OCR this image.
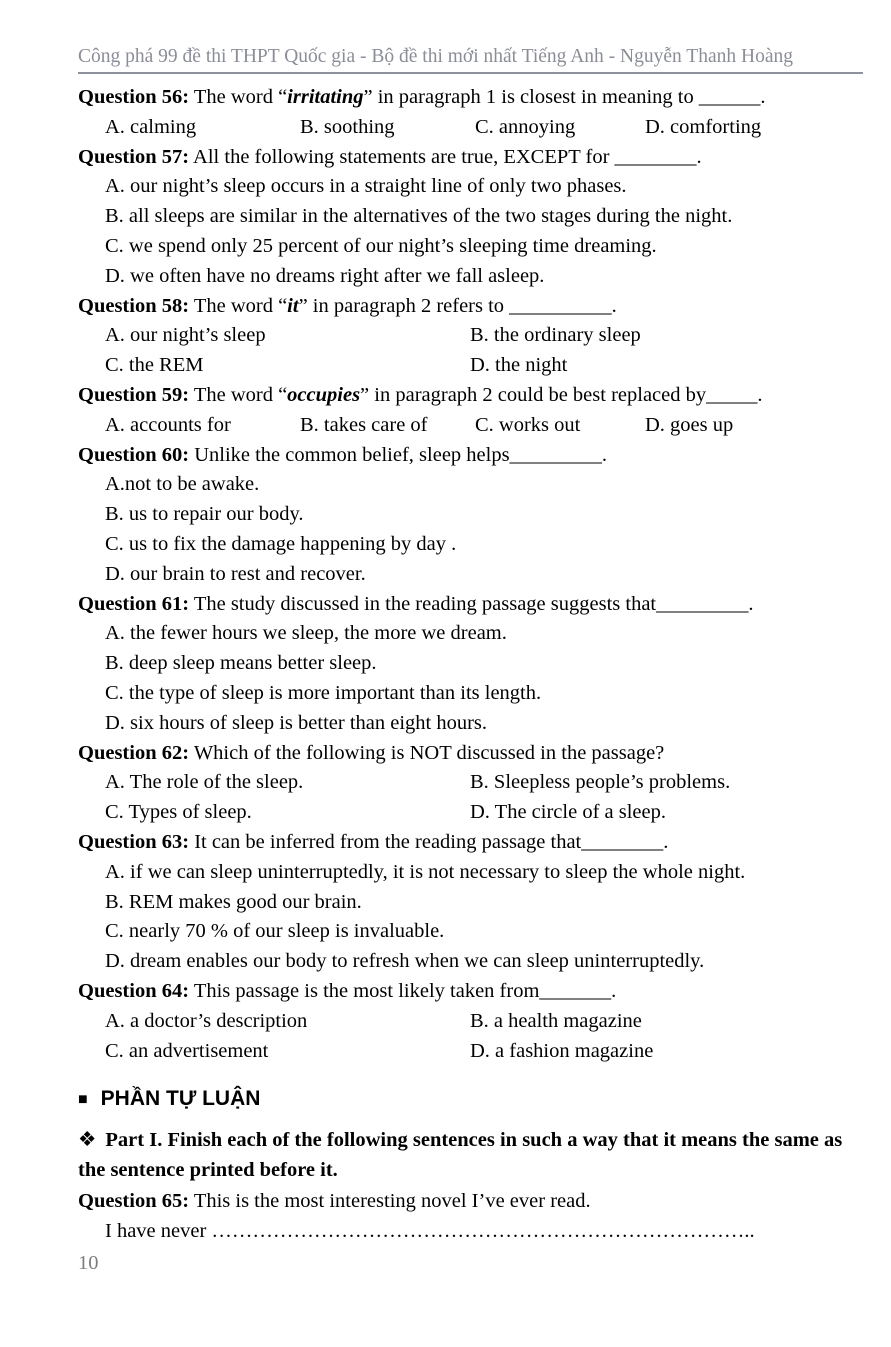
Công phá 99 đề thi THPT Quốc gia - Bộ đề thi mới nhất Tiếng Anh - Nguyễn Thanh Hoàng
Question 56: The word “irritating” in paragraph 1 is closest in meaning to ______.
A. calming	B. soothing	C. annoying	D. comforting
Question 57: All the following statements are true, EXCEPT for ________.
A. our night’s sleep occurs in a straight line of only two phases.
B. all sleeps are similar in the alternatives of the two stages during the night.
C. we spend only 25 percent of our night’s sleeping time dreaming.
D. we often have no dreams right after we fall asleep.
Question 58: The word “it” in paragraph 2 refers to __________.
A. our night’s sleep	B. the ordinary sleep
C. the REM	D. the night
Question 59: The word “occupies” in paragraph 2 could be best replaced by_____.
A. accounts for	B. takes care of C. works out	D. goes up
Question 60: Unlike the common belief, sleep helps_________.
A.not to be awake.
B. us to repair our body.
C. us to fix the damage happening by day .
D. our brain to rest and recover.
Question 61: The study discussed in the reading passage suggests that_________.
A. the fewer hours we sleep, the more we dream.
B. deep sleep means better sleep.
C. the type of sleep is more important than its length.
D. six hours of sleep is better than eight hours.
Question 62: Which of the following is NOT discussed in the passage?
A. The role of the sleep.	B. Sleepless people’s problems.
C. Types of sleep.	D. The circle of a sleep.
Question 63: It can be inferred from the reading passage that________.
A. if we can sleep uninterruptedly, it is not necessary to sleep the whole night.
B. REM makes good our brain.
C. nearly 70 % of our sleep is invaluable.
D. dream enables our body to refresh when we can sleep uninterruptedly.
Question 64: This passage is the most likely taken from_______.
A. a doctor’s description	B. a health magazine
C. an advertisement	D. a fashion magazine
■ PHẦN TỰ LUẬN
❖ Part I. Finish each of the following sentences in such a way that it means the same as the sentence printed before it.
Question 65: This is the most interesting novel I’ve ever read.
I have never ……………………………………………………………………..
10
